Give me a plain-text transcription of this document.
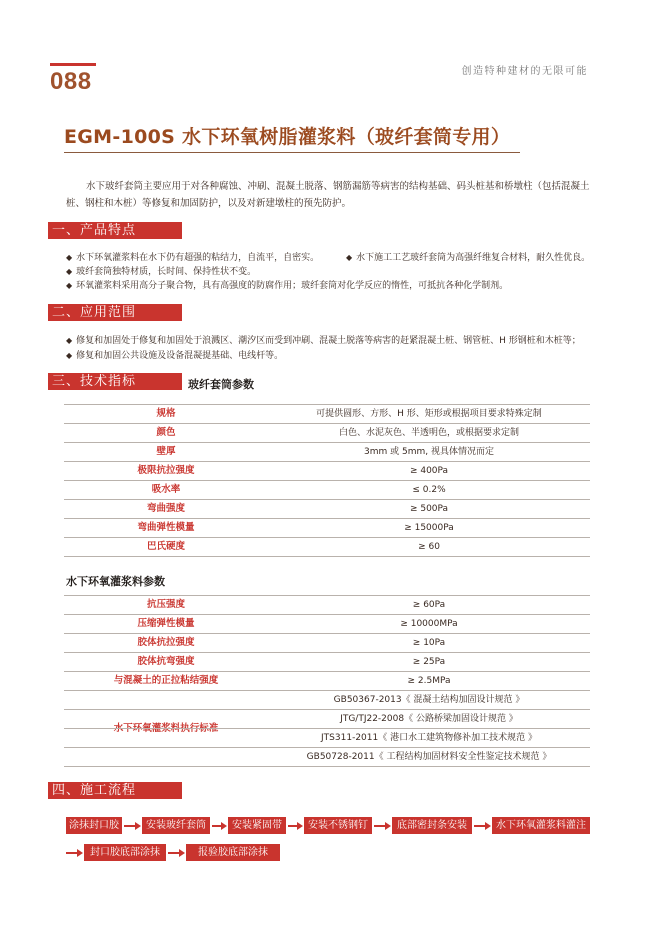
088	创造特种建材的无限可能
EGM-100S 水下环氧树脂灌浆料（玻纤套筒专用）
水下玻纤套筒主要应用于对各种腐蚀、冲刷、混凝土脱落、钢筋漏筋等病害的结构基础、码头桩基和桥墩柱（包括混凝土桩、钢柱和木桩）等修复和加固防护，以及对新建墩柱的预先防护。
一、产品特点
◆ 水下环氧灌浆料在水下仍有超强的粘结力，自流平，自密实。	◆ 水下施工工艺玻纤套筒为高强纤维复合材料，耐久性优良。
◆ 玻纤套筒独特材质，长时间、保持性状不变。
◆ 环氧灌浆料采用高分子聚合物，具有高强度的防腐作用；玻纤套筒对化学反应的惰性，可抵抗各种化学制剂。
二、应用范围
◆ 修复和加固处于修复和加固处于浪溅区、潮汐区而受到冲刷、混凝土脱落等病害的赶紧混凝土桩、钢管桩、H 形钢桩和木桩等；
◆ 修复和加固公共设施及设备混凝提基础、电线杆等。
三、技术指标	玻纤套筒参数
规格	可提供圆形、方形、H 形、矩形或根据项目要求特殊定制
颜色	白色、水泥灰色、半透明色，或根据要求定制
壁厚	3mm 或 5mm, 视具体情况而定
极限抗拉强度	≥ 400Pa
吸水率	≤ 0.2%
弯曲强度	≥ 500Pa
弯曲弹性模量	≥ 15000Pa
巴氏硬度	≥ 60
水下环氧灌浆料参数
抗压强度	≥ 60Pa
压缩弹性模量	≥ 10000MPa
胶体抗拉强度	≥ 10Pa
胶体抗弯强度	≥ 25Pa
与混凝土的正拉粘结强度	≥ 2.5MPa
水下环氧灌浆料执行标准
GB50367-2013《 混凝土结构加固设计规范 》
JTG/TJ22-2008《 公路桥梁加固设计规范 》
JTS311-2011《 港口水工建筑物修补加工技术规范 》
GB50728-2011《 工程结构加固材料安全性鉴定技术规范 》
四、施工流程
涂抹封口胶	安装玻纤套筒	安装紧固带	安装不锈钢钉	底部密封条安装	水下环氧灌浆料灌注
封口胶底部涂抹	报验胶底部涂抹
